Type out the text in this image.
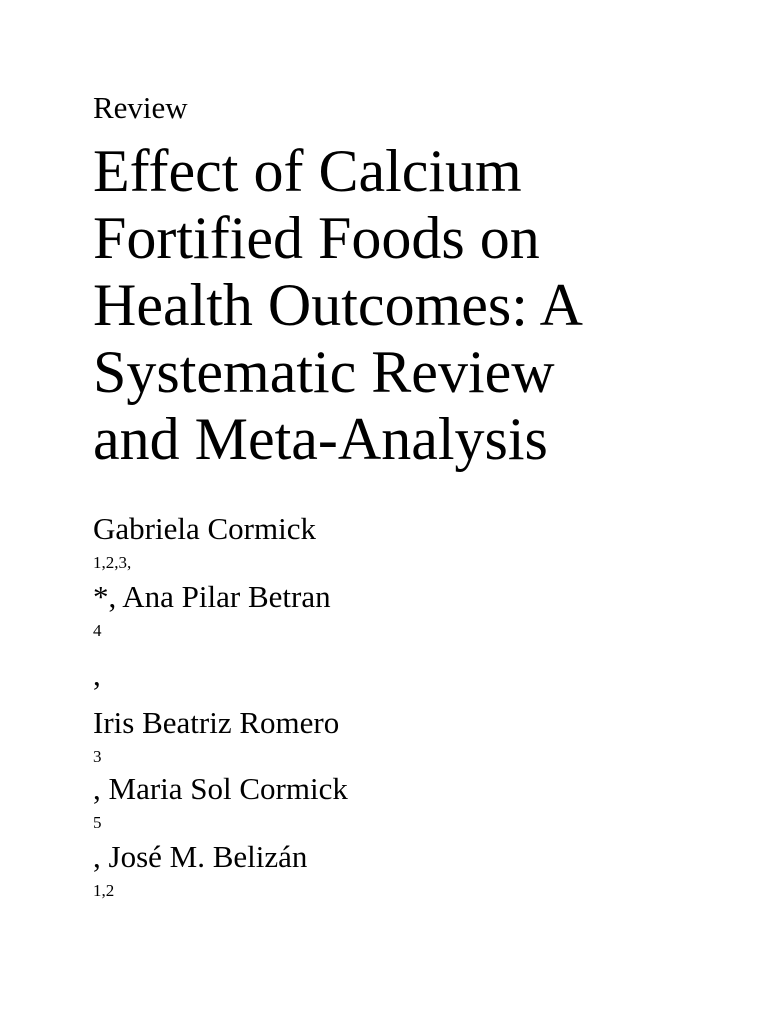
Review
Effect of Calcium
Fortified Foods on
Health Outcomes: A
Systematic Review
and Meta-Analysis
Gabriela Cormick
1,2,3,
*, Ana Pilar Betran
4
,
Iris Beatriz Romero
3
, Maria Sol Cormick
5
, José M. Belizán
1,2
